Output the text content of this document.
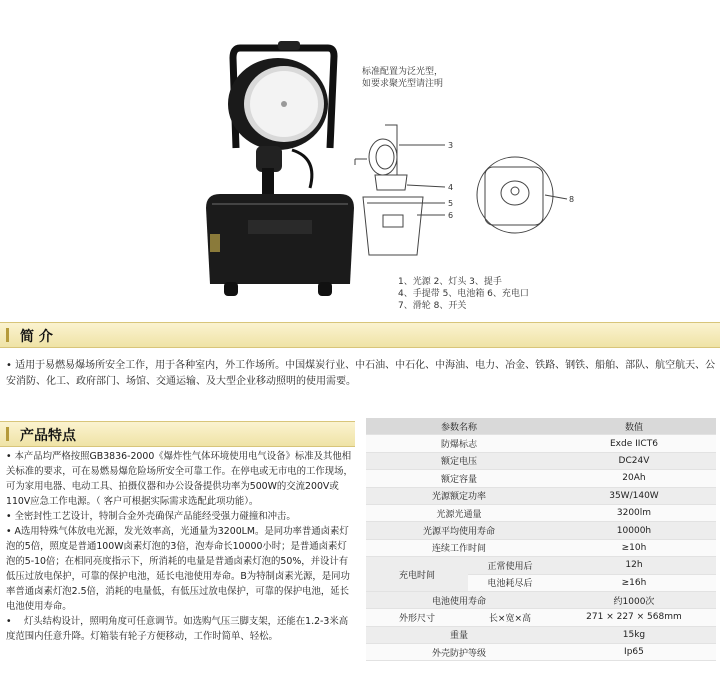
标准配置为泛光型，
如要求聚光型请注明
3
4
5
6
8
1、光源 2、灯头 3、提手
4、手提带 5、电池箱 6、充电口
7、滑轮 8、开关
简 介
• 适用于易燃易爆场所安全工作，用于各种室内，外工作场所。中国煤炭行业、中石油、中石化、中海油、电力、冶金、铁路、钢铁、船舶、部队、航空航天、公安消防、化工、政府部门、场馆、交通运输、及大型企业移动照明的使用需要。
产品特点

• 本产品均严格按照GB3836-2000《爆炸性气体环境使用电气设备》标准及其他相关标准的要求，可在易燃易爆危险场所安全可靠工作。在停电或无市电的工作现场，可为家用电器、电动工具、拍摄仪器和办公设备提供功率为500W的交流200V或110V应急工作电源。（ 客户可根据实际需求选配此项功能）。

• 全密封性工艺设计，特制合金外壳确保产品能经受强力碰撞和冲击。

• A选用特殊气体放电光源，发光效率高，光通量为3200LM。是同功率普通卤素灯泡的5倍，照度是普通100W卤素灯泡的3倍，泡寿命长10000小时；是普通卤素灯泡的5-10倍；在相同亮度指示下，所消耗的电量是普通卤素灯泡的50%，并设计有低压过放电保护，可靠的保护电池，延长电池使用寿命。B为特制卤素光源，是同功率普通卤素灯泡2.5倍，消耗的电量低，有低压过放电保护，可靠的保护电池，延长电池使用寿命。

• 　灯头结构设计，照明角度可任意调节。如选购气压三脚支架，还能在1.2-3米高度范围内任意升降。灯箱装有轮子方便移动，工作时简单、轻松。

参数名称		数值
防爆标志		Exde IICT6
额定电压		DC24V
额定容量		20Ah
光源额定功率		35W/140W
光源光通量		3200lm
光源平均使用寿命		10000h
连续工作时间		≥10h
充电时间	正常使用后	12h
	电池耗尽后	≥16h
电池使用寿命		约1000次
外形尺寸	长×宽×高	271 × 227 × 568mm
重量		15kg
外壳防护等级		Ip65
